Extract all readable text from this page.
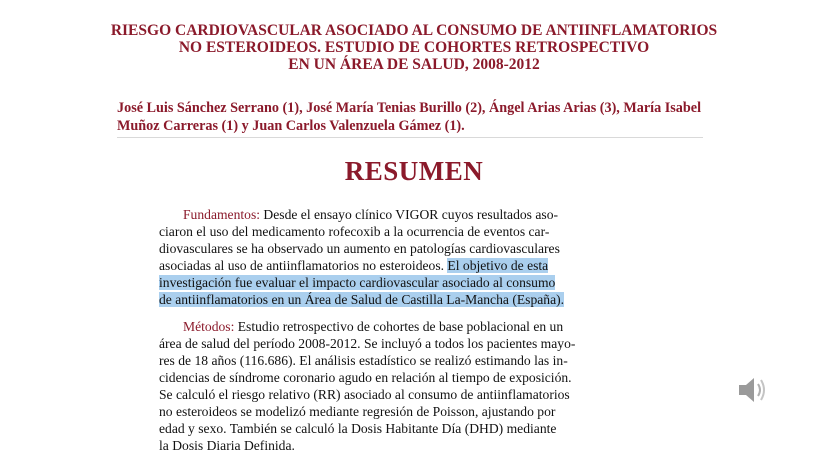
RIESGO CARDIOVASCULAR ASOCIADO AL CONSUMO DE ANTIINFLAMATORIOS
NO ESTEROIDEOS. ESTUDIO DE COHORTES RETROSPECTIVO
EN UN ÁREA DE SALUD, 2008-2012
José Luis Sánchez Serrano (1), José María Tenias Burillo (2), Ángel Arias Arias (3), María Isabel
Muñoz Carreras (1) y Juan Carlos Valenzuela Gámez (1).
RESUMEN
Fundamentos: Desde el ensayo clínico VIGOR cuyos resultados aso-
ciaron el uso del medicamento rofecoxib a la ocurrencia de eventos car-
diovasculares se ha observado un aumento en patologías cardiovasculares
asociadas al uso de antiinflamatorios no esteroideos. El objetivo de esta
investigación fue evaluar el impacto cardiovascular asociado al consumo
de antiinflamatorios en un Área de Salud de Castilla La-Mancha (España).
Métodos: Estudio retrospectivo de cohortes de base poblacional en un
área de salud del período 2008-2012. Se incluyó a todos los pacientes mayo-
res de 18 años (116.686). El análisis estadístico se realizó estimando las in-
cidencias de síndrome coronario agudo en relación al tiempo de exposición.
Se calculó el riesgo relativo (RR) asociado al consumo de antiinflamatorios
no esteroideos se modelizó mediante regresión de Poisson, ajustando por
edad y sexo. También se calculó la Dosis Habitante Día (DHD) mediante
la Dosis Diaria Definida.
